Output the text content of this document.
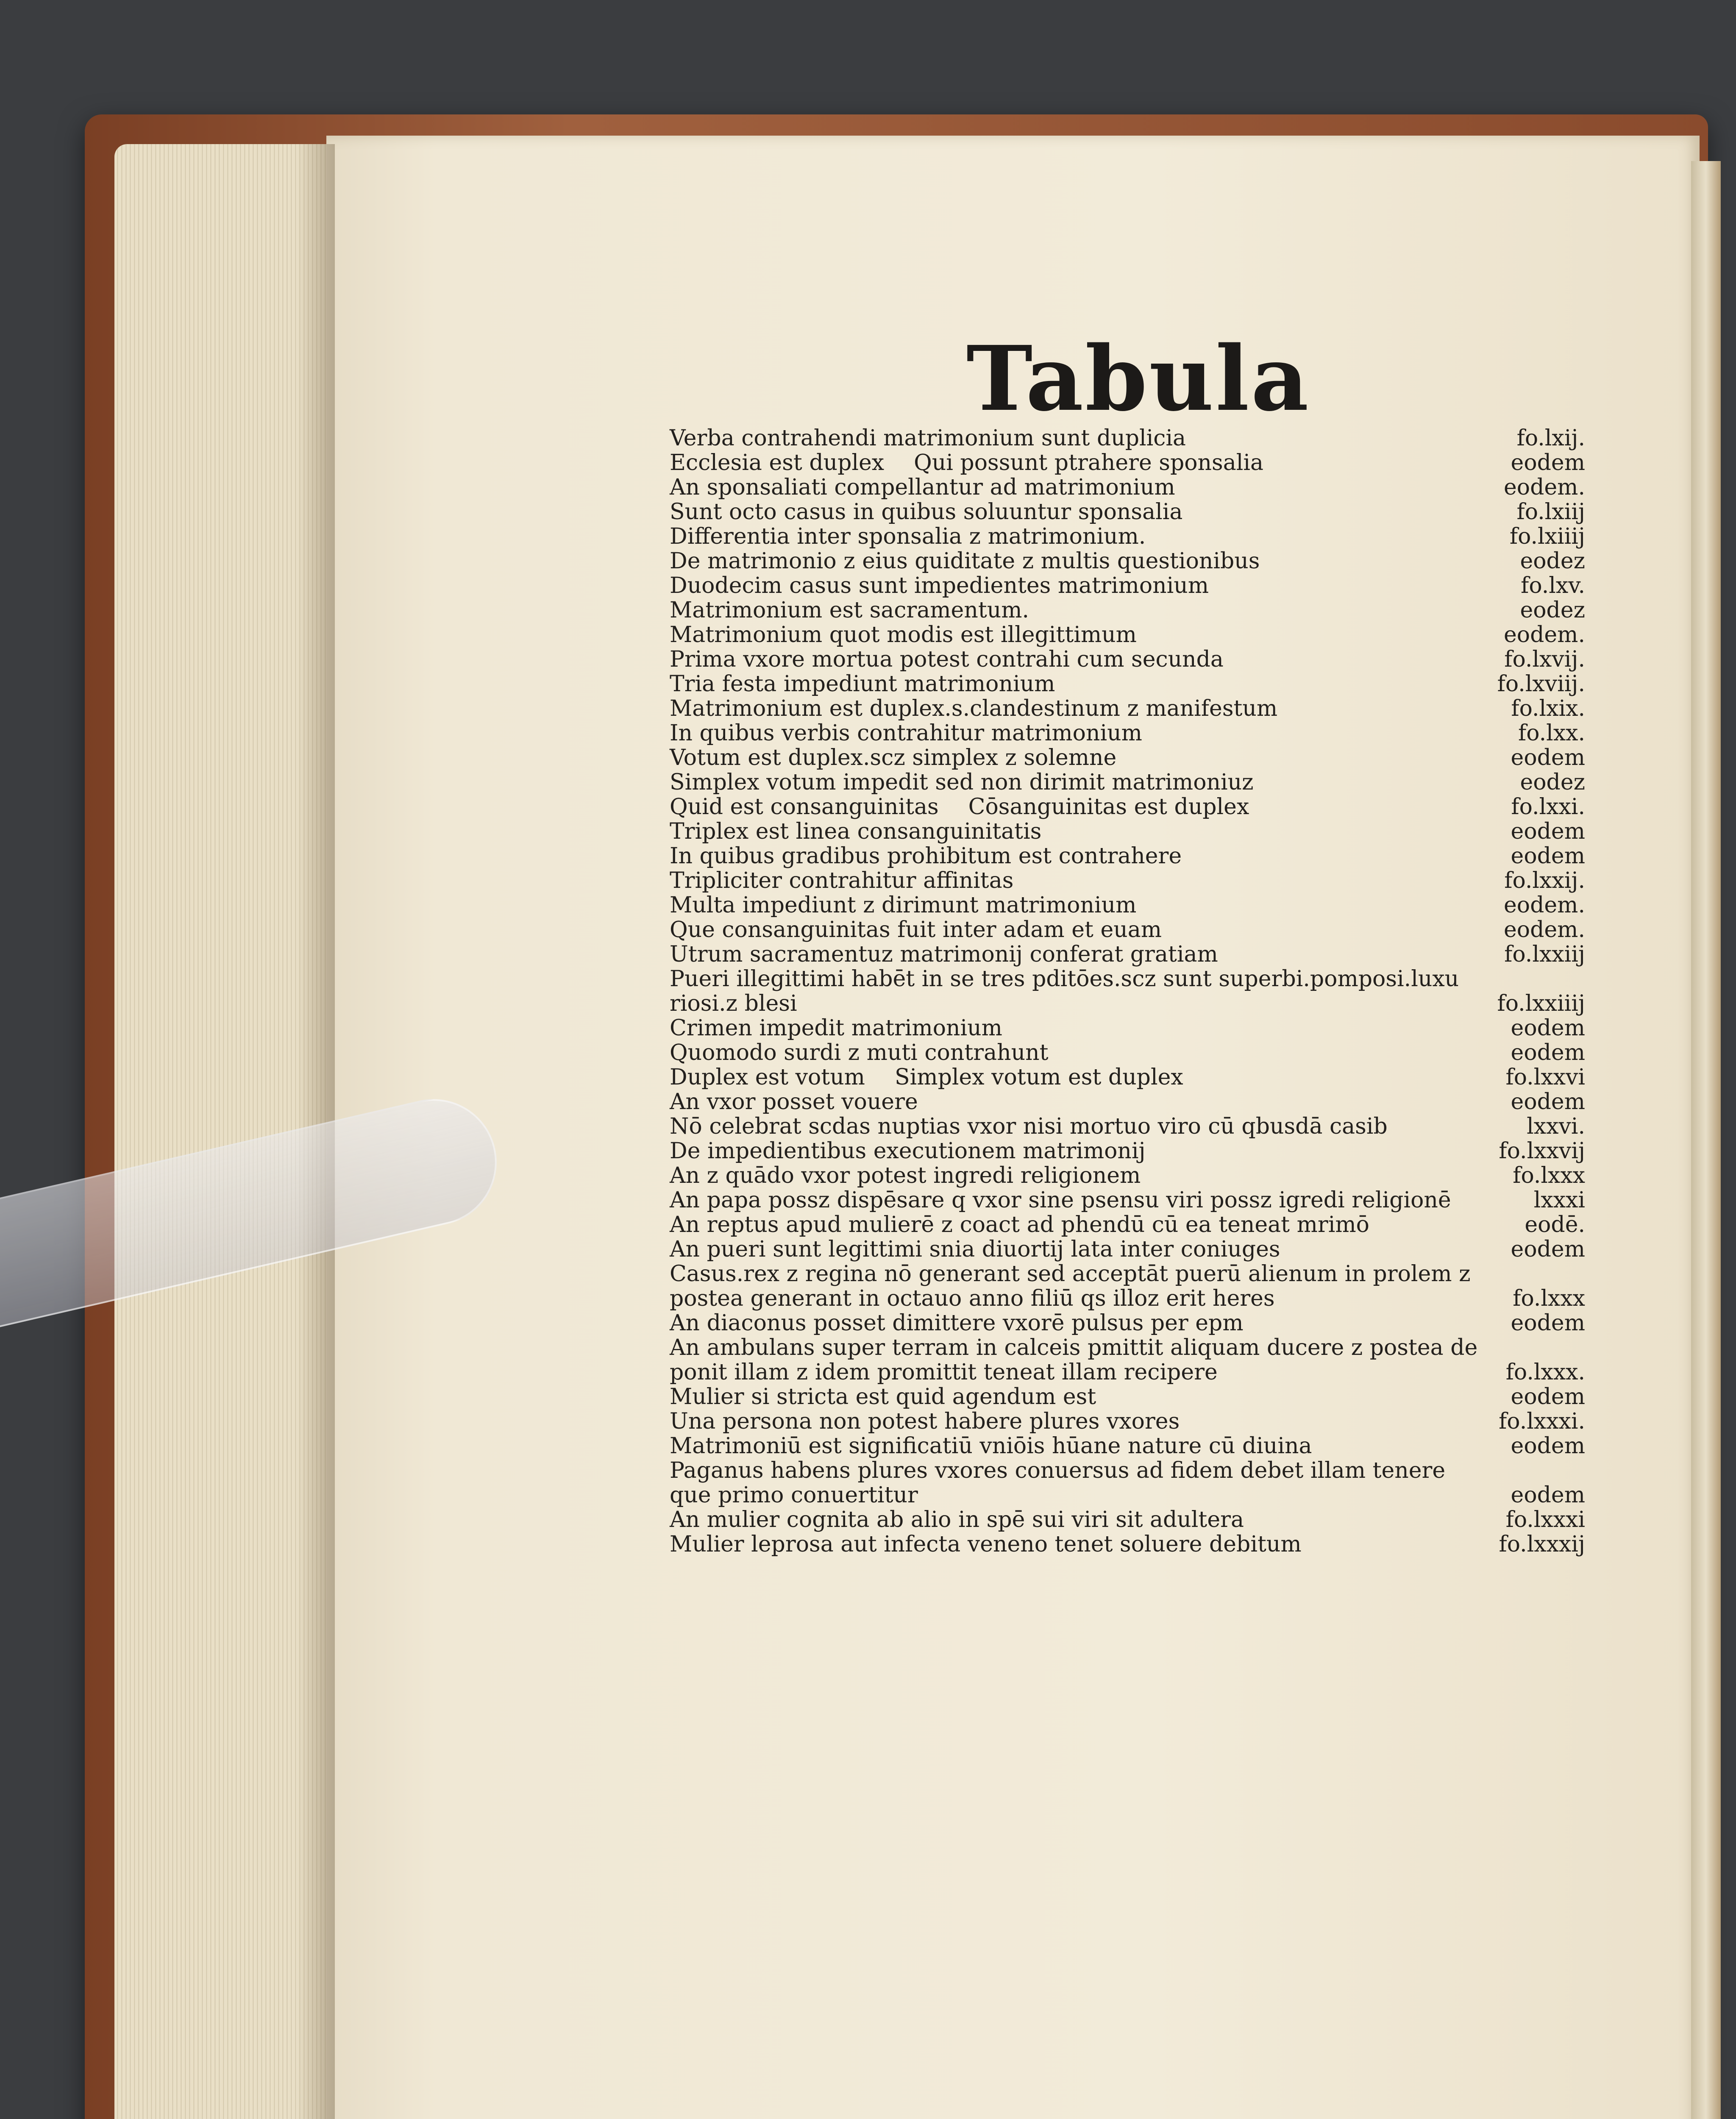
Tabula
Verba contrahendi matrimonium sunt duplicia	fo.lxij.
Ecclesia est duplex Qui possunt ptrahere sponsalia	eodem
An sponsaliati compellantur ad matrimonium	eodem.
Sunt octo casus in quibus soluuntur sponsalia	fo.lxiij
Differentia inter sponsalia z matrimonium.	fo.lxiiij
De matrimonio z eius quiditate z multis questionibus	eodez
Duodecim casus sunt impedientes matrimonium	fo.lxv.
Matrimonium est sacramentum.	eodez
Matrimonium quot modis est illegittimum	eodem.
Prima vxore mortua potest contrahi cum secunda	fo.lxvij.
Tria festa impediunt matrimonium	fo.lxviij.
Matrimonium est duplex.s.clandestinum z manifestum	fo.lxix.
In quibus verbis contrahitur matrimonium	fo.lxx.
Votum est duplex.scz simplex z solemne	eodem
Simplex votum impedit sed non dirimit matrimoniuz	eodez
Quid est consanguinitas Cōsanguinitas est duplex	fo.lxxi.
Triplex est linea consanguinitatis	eodem
In quibus gradibus prohibitum est contrahere	eodem
Tripliciter contrahitur affinitas	fo.lxxij.
Multa impediunt z dirimunt matrimonium	eodem.
Que consanguinitas fuit inter adam et euam	eodem.
Utrum sacramentuz matrimonij conferat gratiam	fo.lxxiij
Pueri illegittimi habēt in se tres pditōes.scz sunt superbi.pomposi.luxu
riosi.z blesi	fo.lxxiiij
Crimen impedit matrimonium	eodem
Quomodo surdi z muti contrahunt	eodem
Duplex est votum Simplex votum est duplex	fo.lxxvi
An vxor posset vouere	eodem
Nō celebrat scdas nuptias vxor nisi mortuo viro cū qbusdā casib	lxxvi.
De impedientibus executionem matrimonij	fo.lxxvij
An z quādo vxor potest ingredi religionem	fo.lxxx
An papa possz dispēsare q vxor sine psensu viri possz igredi religionē	lxxxi
An reptus apud mulierē z coact ad phendū cū ea teneat mrimō	eodē.
An pueri sunt legittimi snia diuortij lata inter coniuges	eodem
Casus.rex z regina nō generant sed acceptāt puerū alienum in prolem z
postea generant in octauo anno filiū qs illoz erit heres	fo.lxxx
An diaconus posset dimittere vxorē pulsus per epm	eodem
An ambulans super terram in calceis pmittit aliquam ducere z postea de
ponit illam z idem promittit teneat illam recipere	fo.lxxx.
Mulier si stricta est quid agendum est	eodem
Una persona non potest habere plures vxores	fo.lxxxi.
Matrimoniū est significatiū vniōis hūane nature cū diuina	eodem
Paganus habens plures vxores conuersus ad fidem debet illam tenere
que primo conuertitur	eodem
An mulier cognita ab alio in spē sui viri sit adultera	fo.lxxxi
Mulier leprosa aut infecta veneno tenet soluere debitum	fo.lxxxij
